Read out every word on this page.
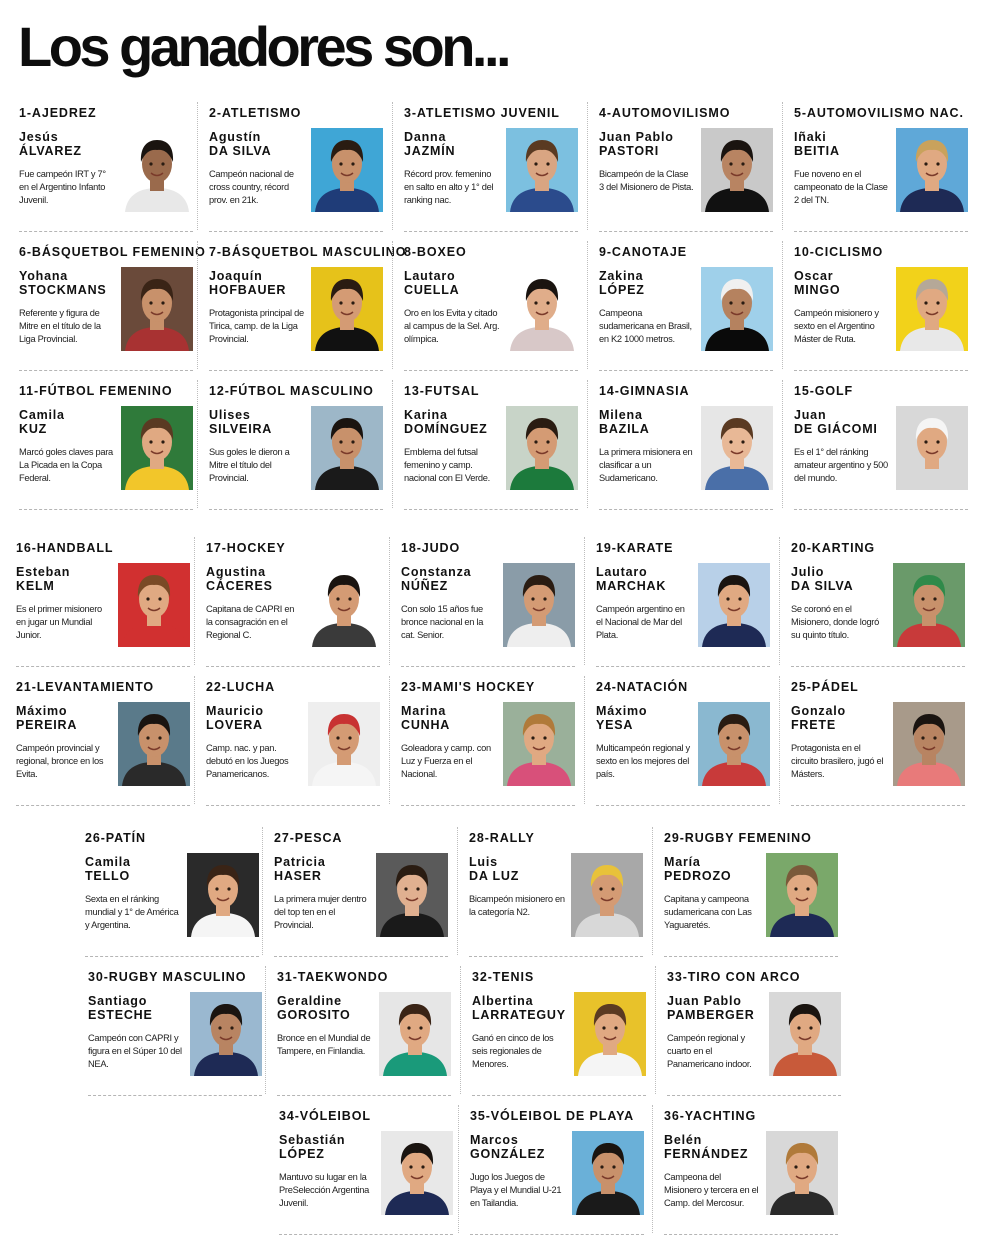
Los ganadores son...
1-AJEDREZ
Jesús
ÁLVAREZ
Fue campeón IRT y 7° en el Argentino Infanto Juvenil.
2-ATLETISMO
Agustín
DA SILVA
Campeón nacional de cross country, récord prov. en 21k.
3-ATLETISMO JUVENIL
Danna
JAZMÍN
Récord prov. femenino en salto en alto y 1° del ranking nac.
4-AUTOMOVILISMO
Juan Pablo
PASTORI
Bicampeón de la Clase 3 del Misionero de Pista.
5-AUTOMOVILISMO NAC.
Iñaki
BEITIA
Fue noveno en el campeonato de la Clase 2 del TN.
6-BÁSQUETBOL FEMENINO
Yohana
STOCKMANS
Referente y figura de Mitre en el título de la Liga Provincial.
7-BÁSQUETBOL MASCULINO
Joaquín
HOFBAUER
Protagonista principal de Tirica, camp. de la Liga Provincial.
8-BOXEO
Lautaro
CUELLA
Oro en los Evita y citado al campus de la Sel. Arg. olímpica.
9-CANOTAJE
Zakina
LÓPEZ
Campeona sudamericana en Brasil, en K2 1000 metros.
10-CICLISMO
Oscar
MINGO
Campeón misionero y sexto en el Argentino Máster de Ruta.
11-FÚTBOL FEMENINO
Camila
KUZ
Marcó goles claves para La Picada en la Copa Federal.
12-FÚTBOL MASCULINO
Ulises
SILVEIRA
Sus goles le dieron a Mitre el título del Provincial.
13-FUTSAL
Karina
DOMÍNGUEZ
Emblema del futsal femenino y camp. nacional con El Verde.
14-GIMNASIA
Milena
BAZILA
La primera misionera en clasificar a un Sudamericano.
15-GOLF
Juan
DE GIÁCOMI
Es el 1° del ránking amateur argentino y 500 del mundo.
16-HANDBALL
Esteban
KELM
Es el primer misionero en jugar un Mundial Junior.
17-HOCKEY
Agustina
CÁCERES
Capitana de CAPRI en la consagración en el Regional C.
18-JUDO
Constanza
NÚÑEZ
Con solo 15 años fue bronce nacional en la cat. Senior.
19-KARATE
Lautaro
MARCHAK
Campeón argentino en el Nacional de Mar del Plata.
20-KARTING
Julio
DA SILVA
Se coronó en el Misionero, donde logró su quinto título.
21-LEVANTAMIENTO
Máximo
PEREIRA
Campeón provincial y regional, bronce en los Evita.
22-LUCHA
Mauricio
LOVERA
Camp. nac. y pan. debutó en los Juegos Panamericanos.
23-MAMI'S HOCKEY
Marina
CUNHA
Goleadora y camp. con Luz y Fuerza en el Nacional.
24-NATACIÓN
Máximo
YESA
Multicampeón regional y sexto en los mejores del país.
25-PÁDEL
Gonzalo
FRETE
Protagonista en el circuito brasilero, jugó el Másters.
26-PATÍN
Camila
TELLO
Sexta en el ránking mundial y 1° de América y Argentina.
27-PESCA
Patricia
HASER
La primera mujer dentro del top ten en el Provincial.
28-RALLY
Luis
DA LUZ
Bicampeón misionero en la categoría N2.
29-RUGBY FEMENINO
María
PEDROZO
Capitana y campeona sudamericana con Las Yaguaretés.
30-RUGBY MASCULINO
Santiago
ESTECHE
Campeón con CAPRI y figura en el Súper 10 del NEA.
31-TAEKWONDO
Geraldine
GOROSITO
Bronce en el Mundial de Tampere, en Finlandia.
32-TENIS
Albertina
LARRATEGUY
Ganó en cinco de los seis regionales de Menores.
33-TIRO CON ARCO
Juan Pablo
PAMBERGER
Campeón regional y cuarto en el Panamericano indoor.
34-VÓLEIBOL
Sebastián
LÓPEZ
Mantuvo su lugar en la PreSelección Argentina Juvenil.
35-VÓLEIBOL DE PLAYA
Marcos
GONZÁLEZ
Jugo los Juegos de Playa y el Mundial U-21 en Tailandia.
36-YACHTING
Belén
FERNÁNDEZ
Campeona del Misionero y tercera en el Camp. del Mercosur.
